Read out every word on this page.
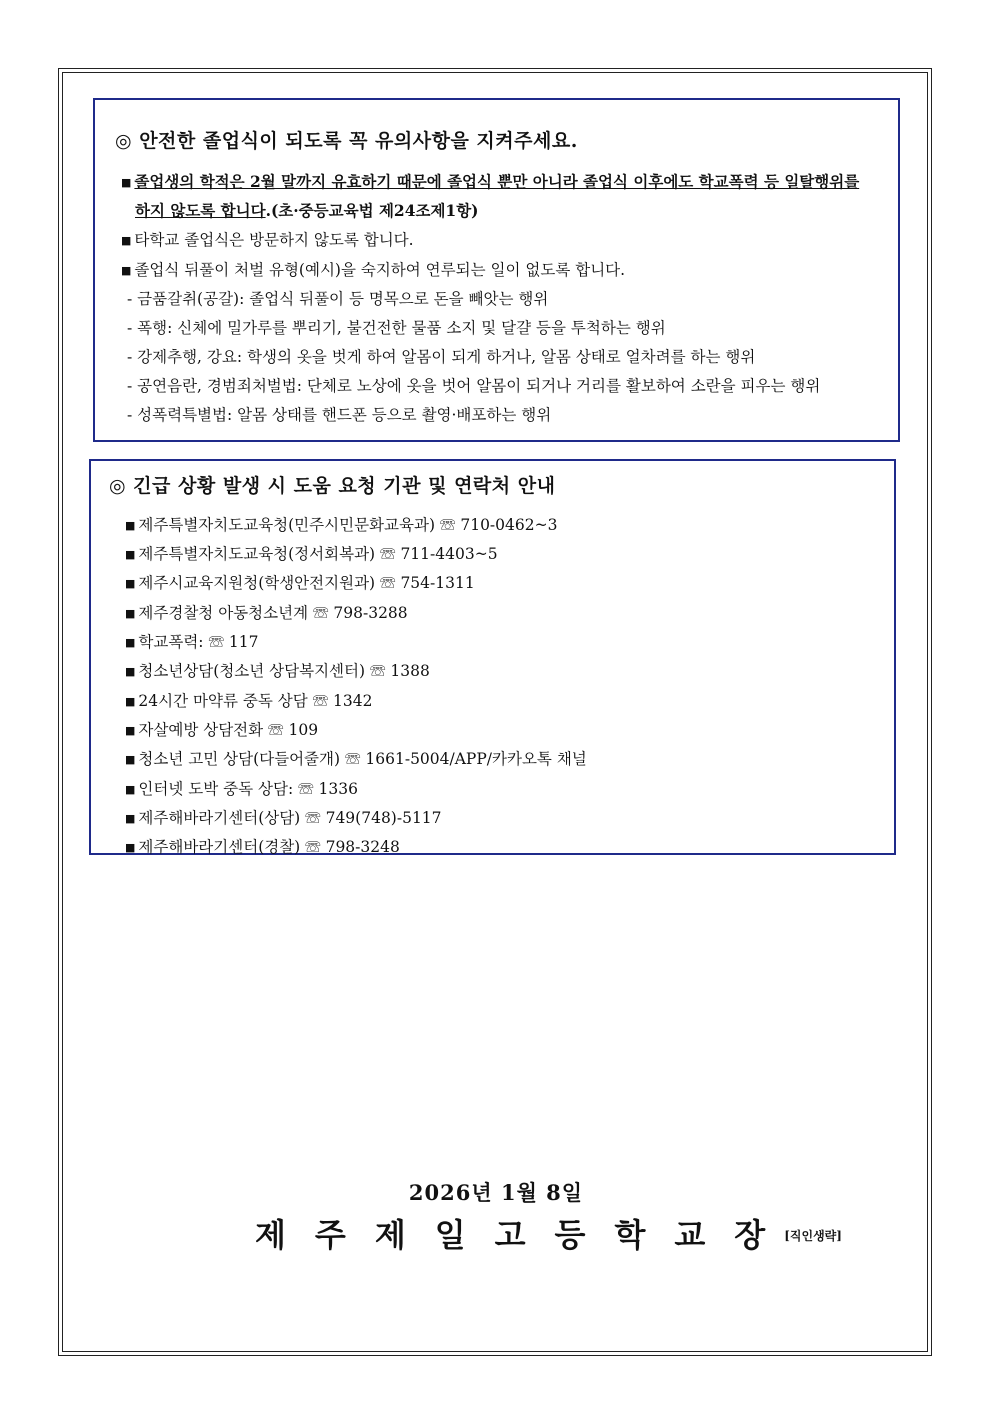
◎ 안전한 졸업식이 되도록 꼭 유의사항을 지켜주세요.
■ 졸업생의 학적은 2월 말까지 유효하기 때문에 졸업식 뿐만 아니라 졸업식 이후에도 학교폭력 등 일탈행위를
하지 않도록 합니다.(초·중등교육법 제24조제1항)
■ 타학교 졸업식은 방문하지 않도록 합니다.
■ 졸업식 뒤풀이 처벌 유형(예시)을 숙지하여 연루되는 일이 없도록 합니다.
- 금품갈취(공갈): 졸업식 뒤풀이 등 명목으로 돈을 빼앗는 행위
- 폭행: 신체에 밀가루를 뿌리기, 불건전한 물품 소지 및 달걀 등을 투척하는 행위
- 강제추행, 강요: 학생의 옷을 벗게 하여 알몸이 되게 하거나, 알몸 상태로 얼차려를 하는 행위
- 공연음란, 경범죄처벌법: 단체로 노상에 옷을 벗어 알몸이 되거나 거리를 활보하여 소란을 피우는 행위
- 성폭력특별법: 알몸 상태를 핸드폰 등으로 촬영·배포하는 행위
◎ 긴급 상황 발생 시 도움 요청 기관 및 연락처 안내
■ 제주특별자치도교육청(민주시민문화교육과) ☏ 710-0462~3
■ 제주특별자치도교육청(정서회복과) ☏ 711-4403~5
■ 제주시교육지원청(학생안전지원과) ☏ 754-1311
■ 제주경찰청 아동청소년계 ☏ 798-3288
■ 학교폭력: ☏ 117
■ 청소년상담(청소년 상담복지센터) ☏ 1388
■ 24시간 마약류 중독 상담 ☏ 1342
■ 자살예방 상담전화 ☏ 109
■ 청소년 고민 상담(다들어줄개) ☏ 1661-5004/APP/카카오톡 채널
■ 인터넷 도박 중독 상담: ☏ 1336
■ 제주해바라기센터(상담) ☏ 749(748)-5117
■ 제주해바라기센터(경찰) ☏ 798-3248
2026년 1월 8일
제주제일고등학교장[직인생략]
